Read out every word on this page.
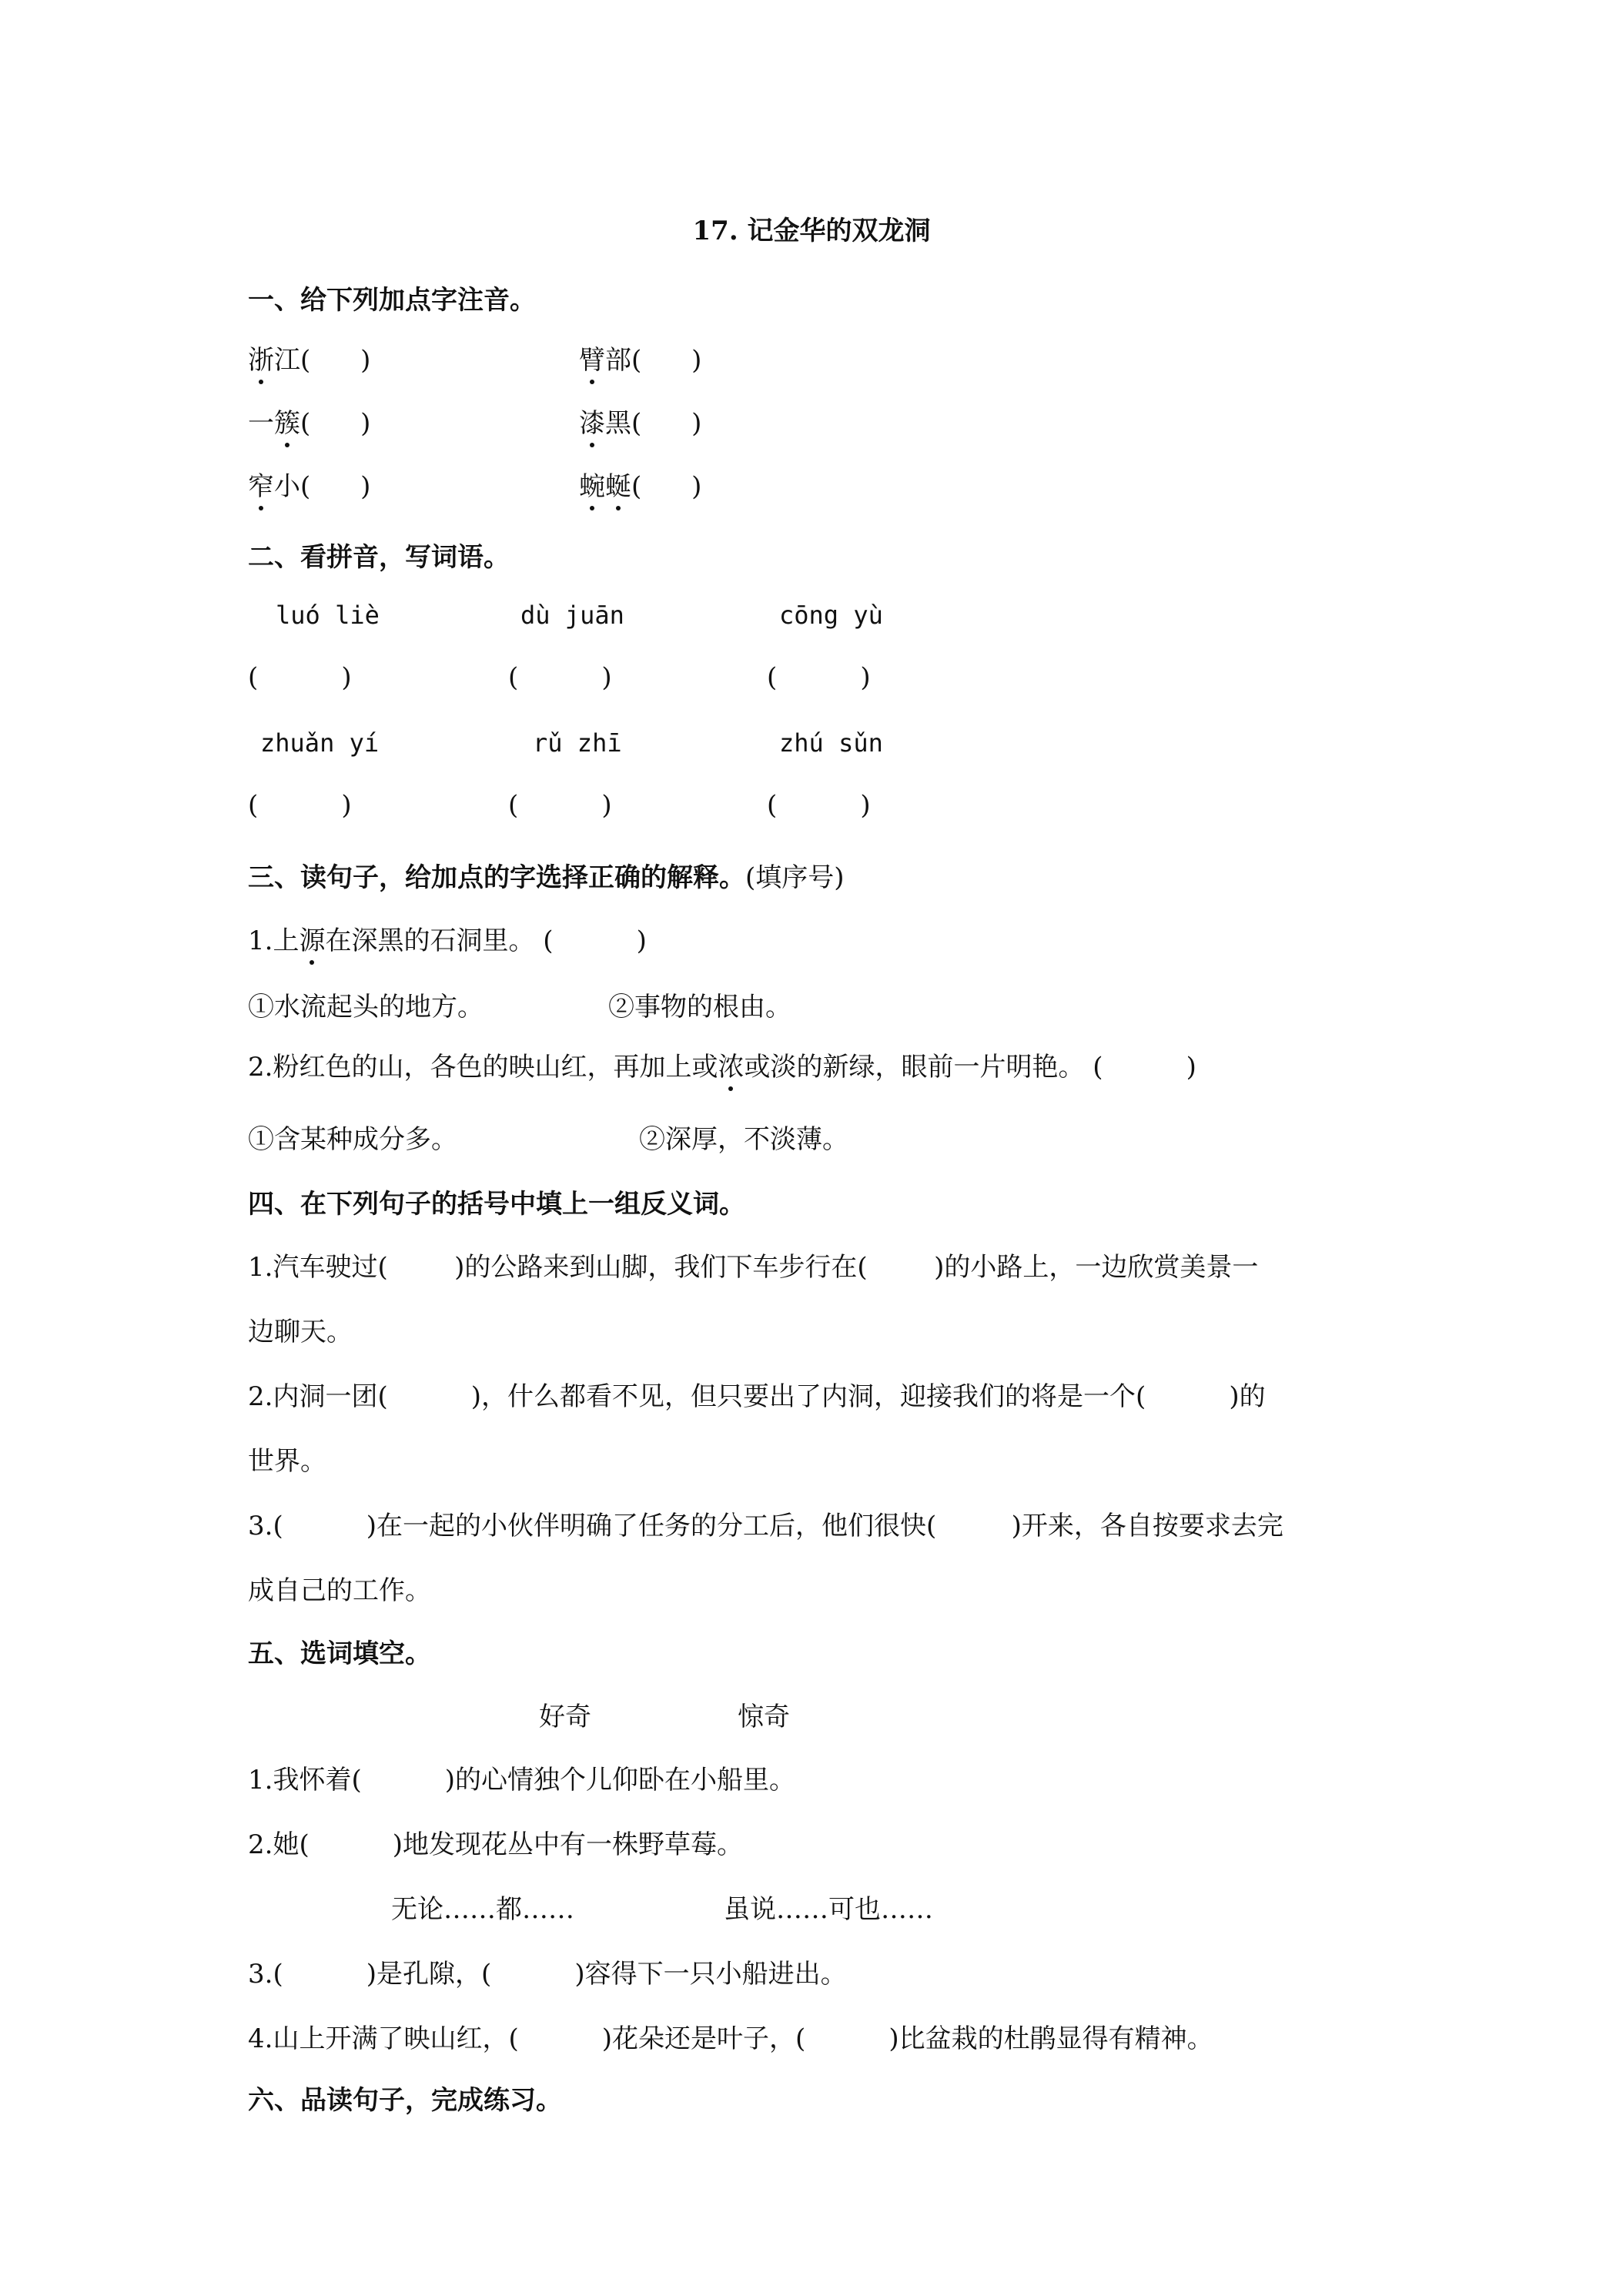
17. 记金华的双龙洞
一、给下列加点字注音。
浙江(      )	臂部(      )
一簇(      )	漆黑(      )
窄小(      )	蜿蜒(      )
二、看拼音，写词语。
luó liè	dù juān	cōng yù
(          )	(          )	(          )
zhuǎn yí	rǔ zhī	zhú sǔn
(          )	(          )	(          )
三、读句子，给加点的字选择正确的解释。(填序号)
1.上源在深黑的石洞里。 (          )
①水流起头的地方。	②事物的根由。
2.粉红色的山，各色的映山红，再加上或浓或淡的新绿，眼前一片明艳。 (          )
①含某种成分多。	②深厚，不淡薄。
四、在下列句子的括号中填上一组反义词。
1.汽车驶过(        )的公路来到山脚，我们下车步行在(        )的小路上，一边欣赏美景一
边聊天。
2.内洞一团(          )，什么都看不见，但只要出了内洞，迎接我们的将是一个(          )的
世界。
3.(          )在一起的小伙伴明确了任务的分工后，他们很快(         )开来，各自按要求去完
成自己的工作。
五、选词填空。
好奇	惊奇
1.我怀着(          )的心情独个儿仰卧在小船里。
2.她(          )地发现花丛中有一株野草莓。
无论……都……	虽说……可也……
3.(          )是孔隙，(          )容得下一只小船进出。
4.山上开满了映山红，(          )花朵还是叶子，(          )比盆栽的杜鹃显得有精神。
六、品读句子，完成练习。
